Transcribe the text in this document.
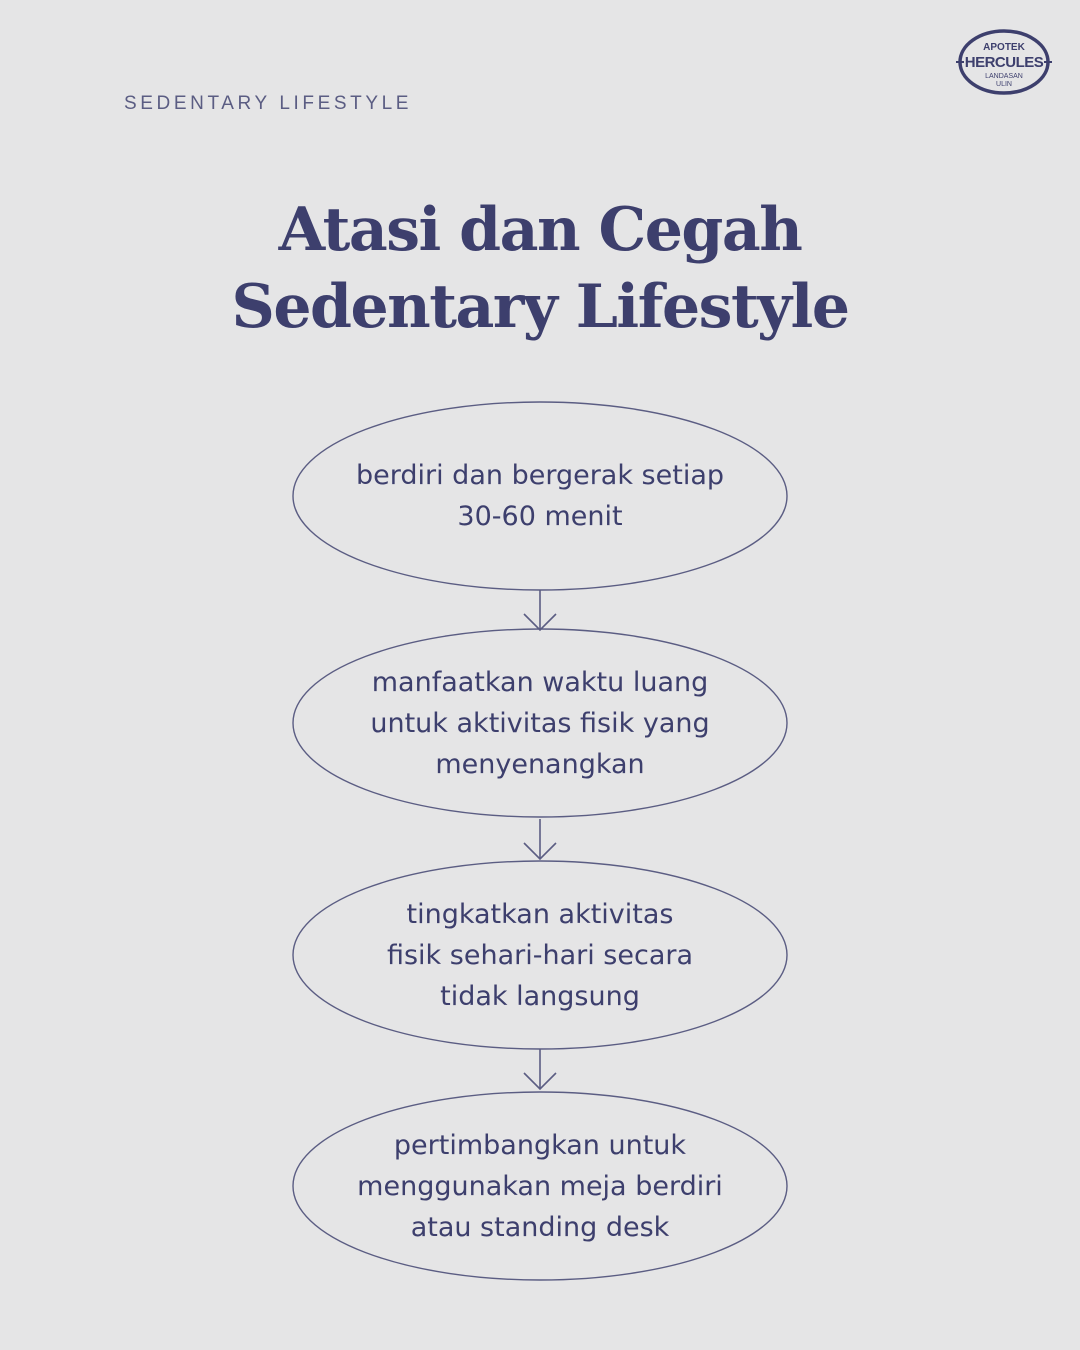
SEDENTARY LIFESTYLE
APOTEK
HERCULES
LANDASAN
ULIN
Atasi dan Cegah
Sedentary Lifestyle
berdiri dan bergerak setiap
30-60 menit
manfaatkan waktu luang
untuk aktivitas fisik yang
menyenangkan
tingkatkan aktivitas
fisik sehari-hari secara
tidak langsung
pertimbangkan untuk
menggunakan meja berdiri
atau standing desk
